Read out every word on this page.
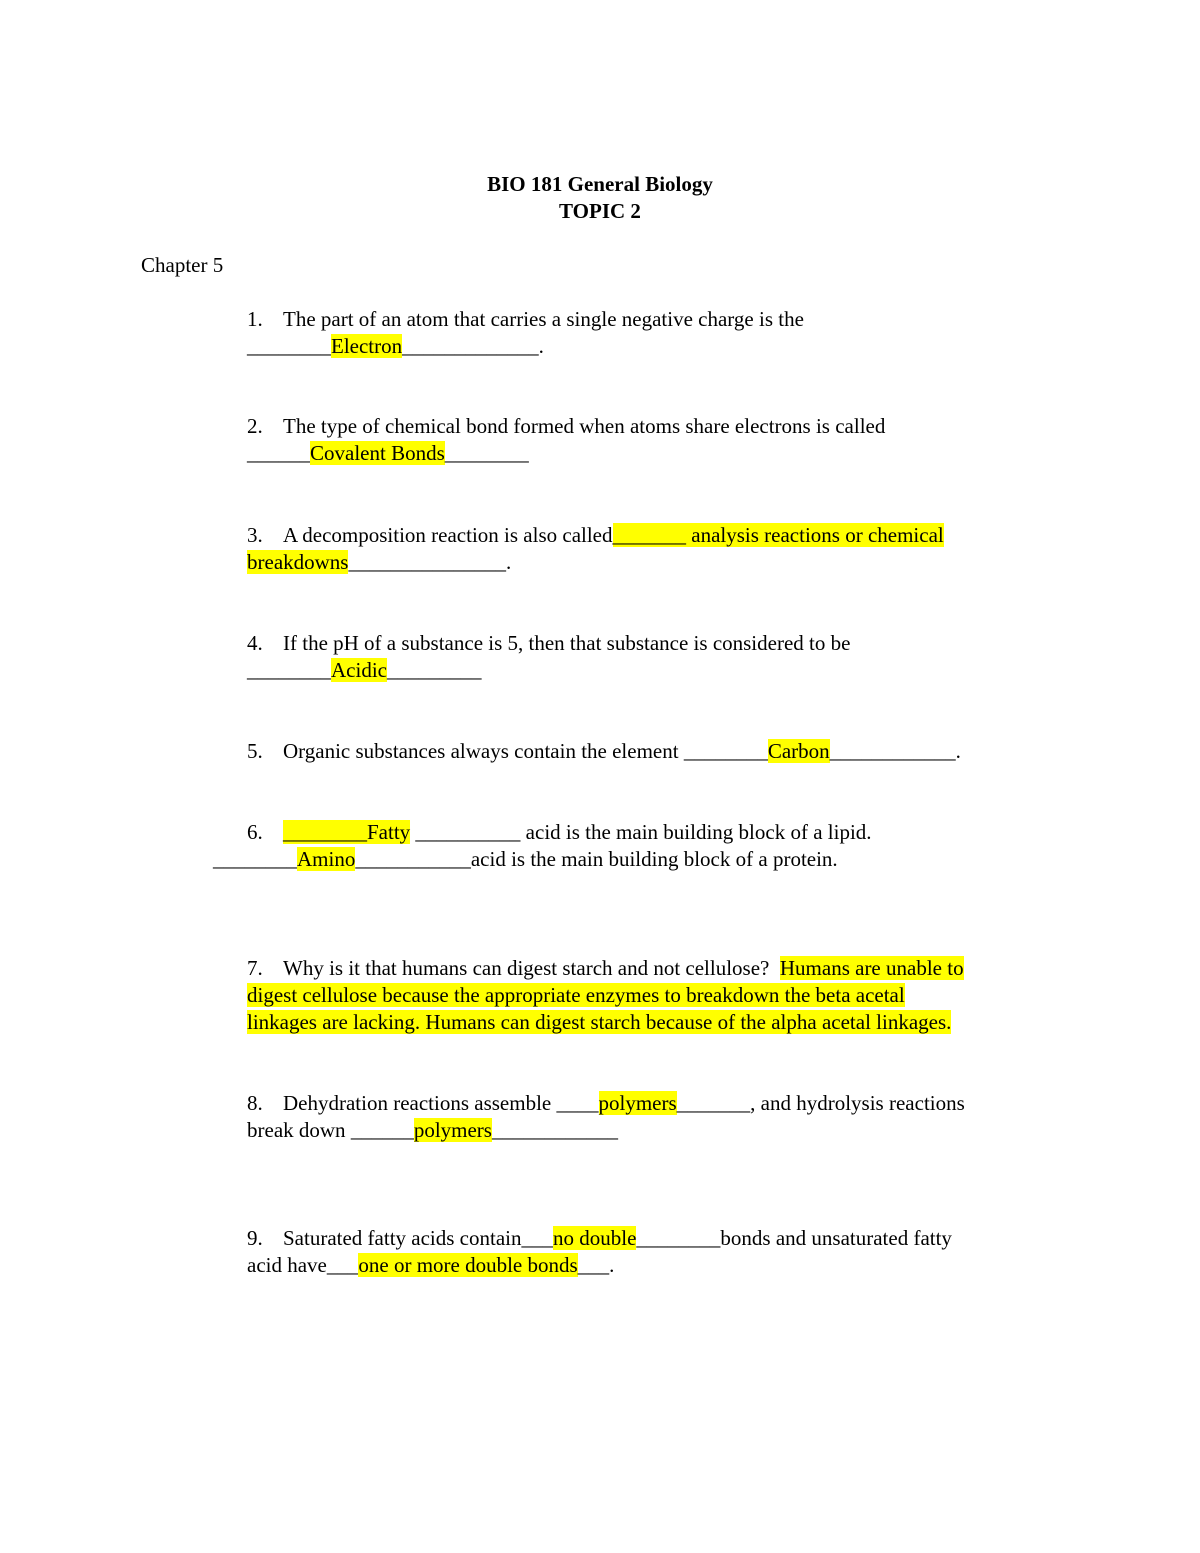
BIO 181 General Biology
TOPIC 2
Chapter 5
1. The part of an atom that carries a single negative charge is the
________Electron_____________.
2. The type of chemical bond formed when atoms share electrons is called
______Covalent Bonds________
3. A decomposition reaction is also called_______ analysis reactions or chemical
breakdowns_______________.
4. If the pH of a substance is 5, then that substance is considered to be
________Acidic_________
5. Organic substances always contain the element ________Carbon____________.
6. ________Fatty __________ acid is the main building block of a lipid.
________Amino___________acid is the main building block of a protein.
7. Why is it that humans can digest starch and not cellulose? Humans are unable to
digest cellulose because the appropriate enzymes to breakdown the beta acetal
linkages are lacking. Humans can digest starch because of the alpha acetal linkages.
8. Dehydration reactions assemble ____polymers_______, and hydrolysis reactions
break down ______polymers____________
9. Saturated fatty acids contain___no double________bonds and unsaturated fatty
acid have___one or more double bonds___.
